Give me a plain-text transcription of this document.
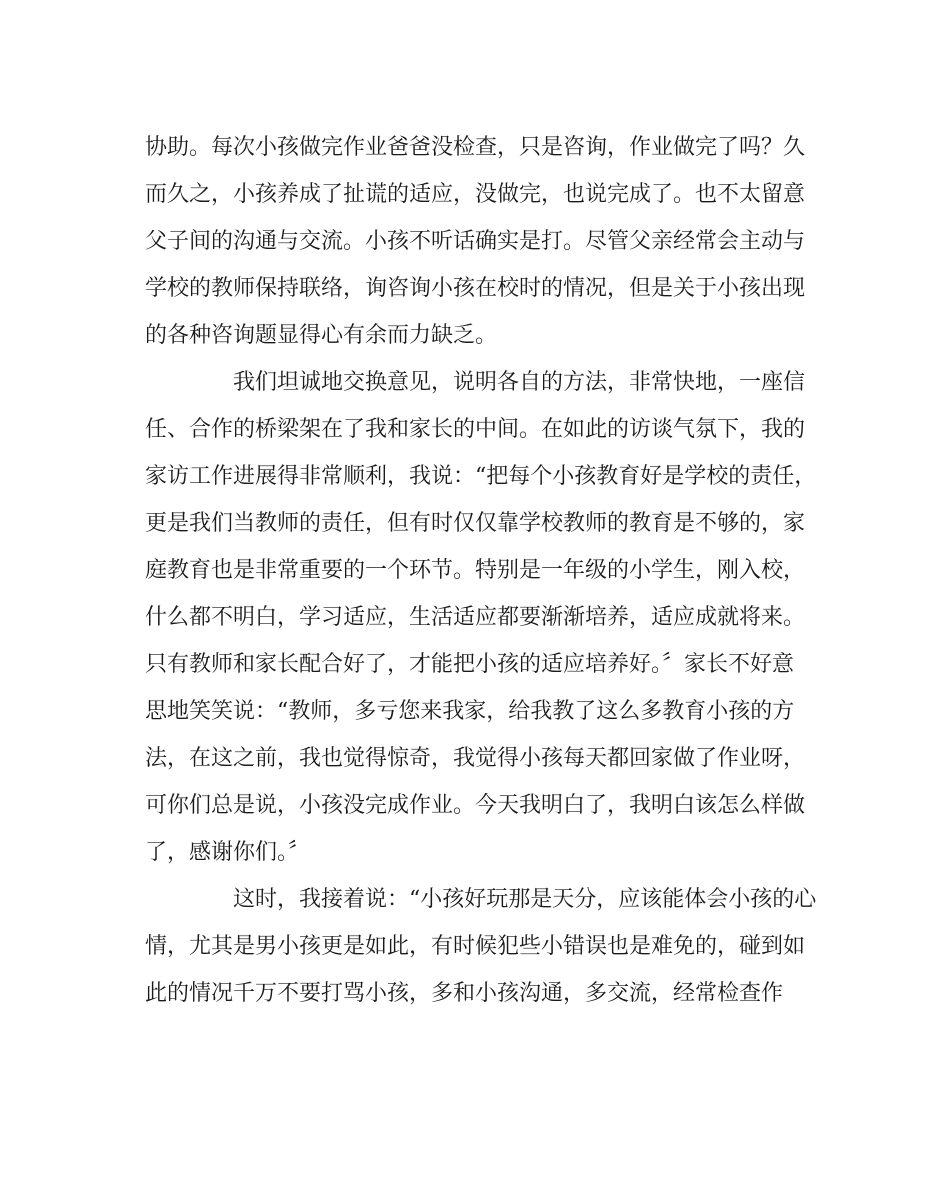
协助。每次小孩做完作业爸爸没检查，只是咨询，作业做完了吗？久
而久之，小孩养成了扯谎的适应，没做完，也说完成了。也不太留意
父子间的沟通与交流。小孩不听话确实是打。尽管父亲经常会主动与
学校的教师保持联络，询咨询小孩在校时的情况，但是关于小孩出现
的各种咨询题显得心有余而力缺乏。
我们坦诚地交换意见，说明各自的方法，非常快地，一座信
任、合作的桥梁架在了我和家长的中间。在如此的访谈气氛下，我的
家访工作进展得非常顺利，我说：“把每个小孩教育好是学校的责任，
更是我们当教师的责任，但有时仅仅靠学校教师的教育是不够的，家
庭教育也是非常重要的一个环节。特别是一年级的小学生，刚入校，
什么都不明白，学习适应，生活适应都要渐渐培养，适应成就将来。
只有教师和家长配合好了，才能把小孩的适应培养好。〞家长不好意
思地笑笑说：“教师，多亏您来我家，给我教了这么多教育小孩的方
法，在这之前，我也觉得惊奇，我觉得小孩每天都回家做了作业呀，
可你们总是说，小孩没完成作业。今天我明白了，我明白该怎么样做
了，感谢你们。〞
这时，我接着说：“小孩好玩那是天分，应该能体会小孩的心
情，尤其是男小孩更是如此，有时候犯些小错误也是难免的，碰到如
此的情况千万不要打骂小孩，多和小孩沟通，多交流，经常检查作
